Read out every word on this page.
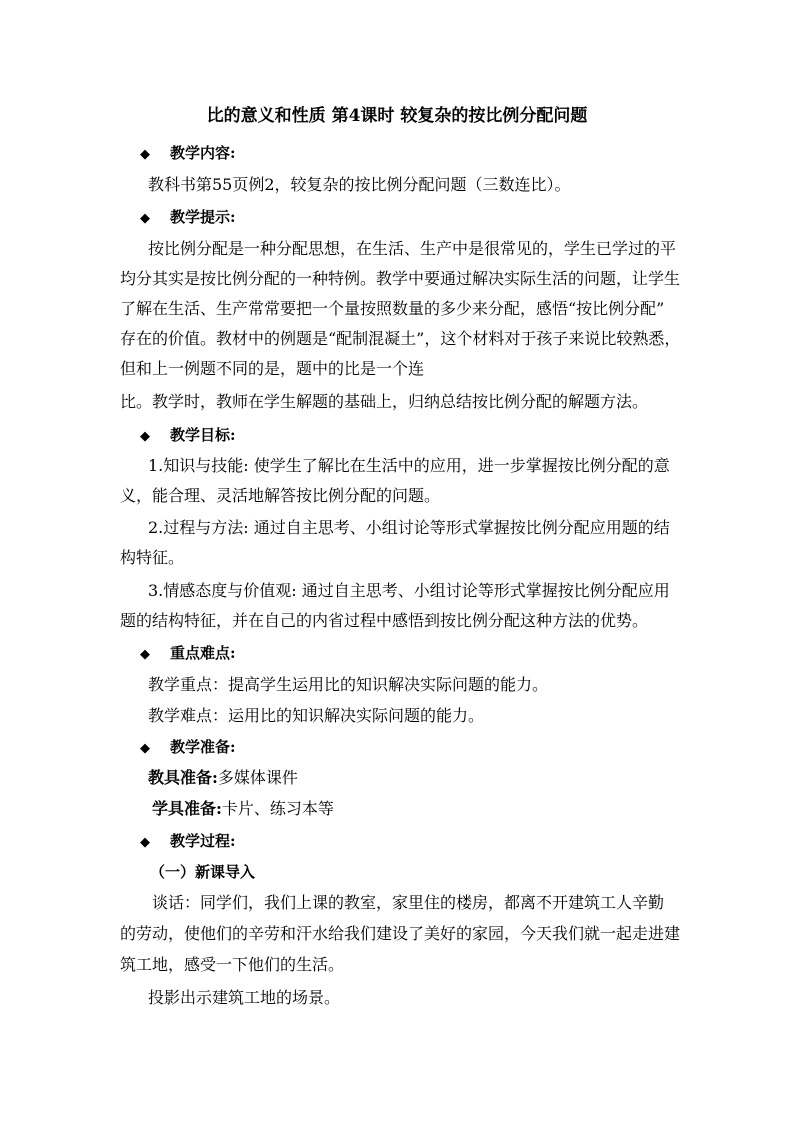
比的意义和性质 第4课时 较复杂的按比例分配问题
◆ 教学内容:
教科书第55页例2，较复杂的按比例分配问题（三数连比）。
◆ 教学提示:
按比例分配是一种分配思想，在生活、生产中是很常见的，学生已学过的平
均分其实是按比例分配的一种特例。教学中要通过解决实际生活的问题，让学生
了解在生活、生产常常要把一个量按照数量的多少来分配，感悟“按比例分配”
存在的价值。教材中的例题是“配制混凝土”，这个材料对于孩子来说比较熟悉，
但和上一例题不同的是，题中的比是一个连
比。教学时，教师在学生解题的基础上，归纳总结按比例分配的解题方法。
◆ 教学目标:
1.知识与技能: 使学生了解比在生活中的应用，进一步掌握按比例分配的意
义，能合理、灵活地解答按比例分配的问题。
2.过程与方法: 通过自主思考、小组讨论等形式掌握按比例分配应用题的结
构特征。
3.情感态度与价值观: 通过自主思考、小组讨论等形式掌握按比例分配应用
题的结构特征，并在自己的内省过程中感悟到按比例分配这种方法的优势。
◆ 重点难点:
教学重点：提高学生运用比的知识解决实际问题的能力。
教学难点：运用比的知识解决实际问题的能力。
◆ 教学准备:
教具准备:多媒体课件
学具准备:卡片、练习本等
◆ 教学过程:
（一）新课导入
谈话：同学们，我们上课的教室，家里住的楼房，都离不开建筑工人辛勤
的劳动，使他们的辛劳和汗水给我们建设了美好的家园，今天我们就一起走进建
筑工地，感受一下他们的生活。
投影出示建筑工地的场景。
